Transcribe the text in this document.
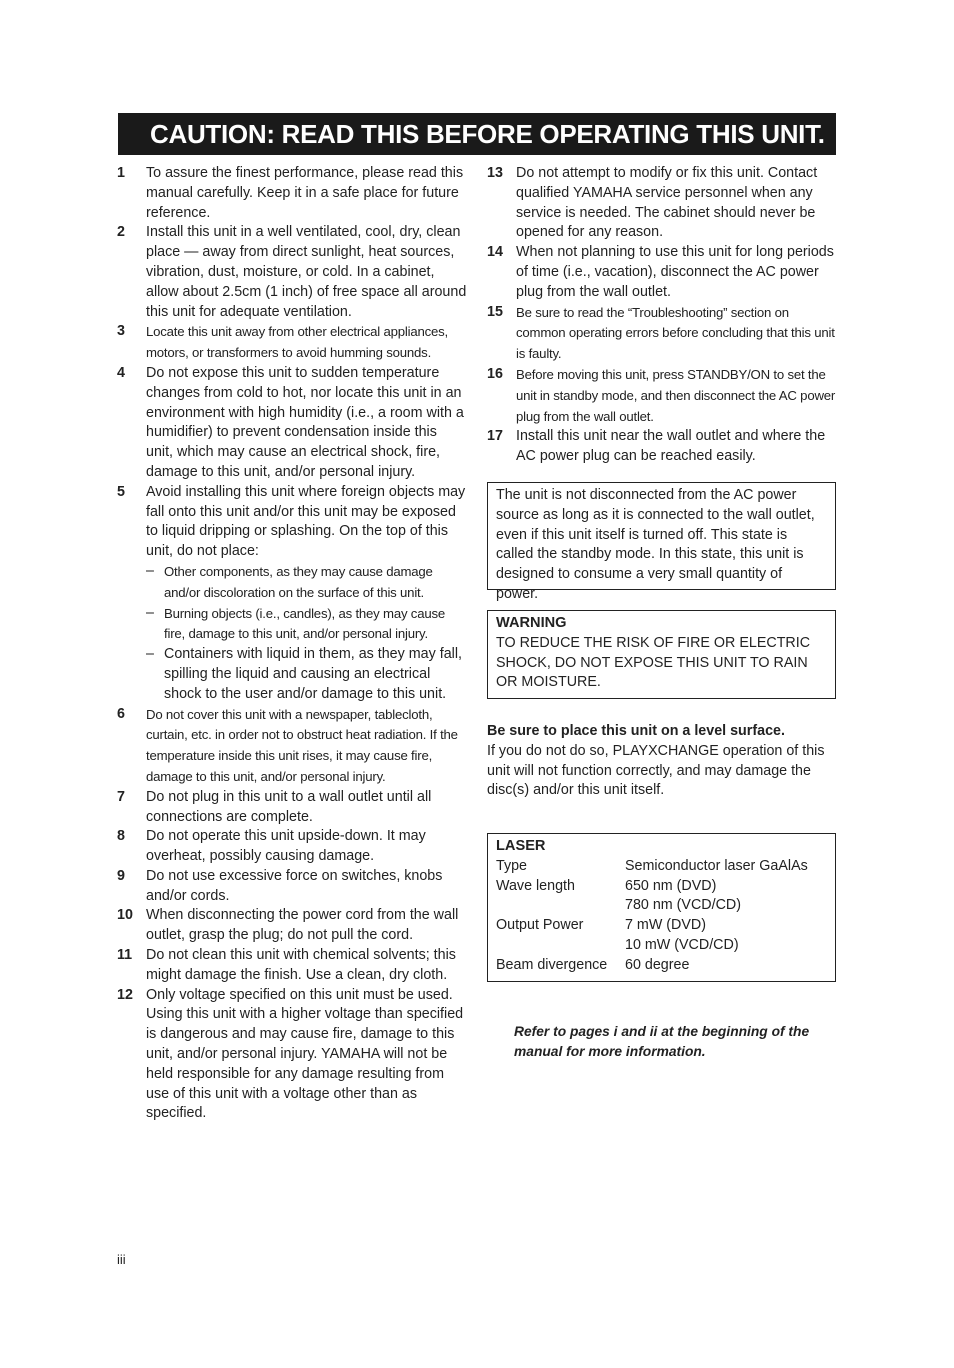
CAUTION: READ THIS BEFORE OPERATING THIS UNIT.
1 To assure the finest performance, please read this manual carefully. Keep it in a safe place for future reference.
2 Install this unit in a well ventilated, cool, dry, clean place — away from direct sunlight, heat sources, vibration, dust, moisture, or cold. In a cabinet, allow about 2.5cm (1 inch) of free space all around this unit for adequate ventilation.
3 Locate this unit away from other electrical appliances, motors, or transformers to avoid humming sounds.
4 Do not expose this unit to sudden temperature changes from cold to hot, nor locate this unit in an environment with high humidity (i.e., a room with a humidifier) to prevent condensation inside this unit, which may cause an electrical shock, fire, damage to this unit, and/or personal injury.
5 Avoid installing this unit where foreign objects may fall onto this unit and/or this unit may be exposed to liquid dripping or splashing. On the top of this unit, do not place:
– Other components, as they may cause damage and/or discoloration on the surface of this unit.
– Burning objects (i.e., candles), as they may cause fire, damage to this unit, and/or personal injury.
– Containers with liquid in them, as they may fall, spilling the liquid and causing an electrical shock to the user and/or damage to this unit.
6 Do not cover this unit with a newspaper, tablecloth, curtain, etc. in order not to obstruct heat radiation. If the temperature inside this unit rises, it may cause fire, damage to this unit, and/or personal injury.
7 Do not plug in this unit to a wall outlet until all connections are complete.
8 Do not operate this unit upside-down. It may overheat, possibly causing damage.
9 Do not use excessive force on switches, knobs and/or cords.
10 When disconnecting the power cord from the wall outlet, grasp the plug; do not pull the cord.
11 Do not clean this unit with chemical solvents; this might damage the finish. Use a clean, dry cloth.
12 Only voltage specified on this unit must be used. Using this unit with a higher voltage than specified is dangerous and may cause fire, damage to this unit, and/or personal injury. YAMAHA will not be held responsible for any damage resulting from use of this unit with a voltage other than as specified.
13 Do not attempt to modify or fix this unit. Contact qualified YAMAHA service personnel when any service is needed. The cabinet should never be opened for any reason.
14 When not planning to use this unit for long periods of time (i.e., vacation), disconnect the AC power plug from the wall outlet.
15 Be sure to read the “Troubleshooting” section on common operating errors before concluding that this unit is faulty.
16 Before moving this unit, press STANDBY/ON to set the unit in standby mode, and then disconnect the AC power plug from the wall outlet.
17 Install this unit near the wall outlet and where the AC power plug can be reached easily.
The unit is not disconnected from the AC power source as long as it is connected to the wall outlet, even if this unit itself is turned off. This state is called the standby mode. In this state, this unit is designed to consume a very small quantity of power.
WARNING
TO REDUCE THE RISK OF FIRE OR ELECTRIC SHOCK, DO NOT EXPOSE THIS UNIT TO RAIN OR MOISTURE.
Be sure to place this unit on a level surface.
If you do not do so, PLAYXCHANGE operation of this unit will not function correctly, and may damage the disc(s) and/or this unit itself.
LASER
Type	Semiconductor laser GaAlAs
Wave length	650 nm (DVD)
	780 nm (VCD/CD)
Output Power	7 mW (DVD)
	10 mW (VCD/CD)
Beam divergence	60 degree
Refer to pages i and ii at the beginning of the manual for more information.
iii
